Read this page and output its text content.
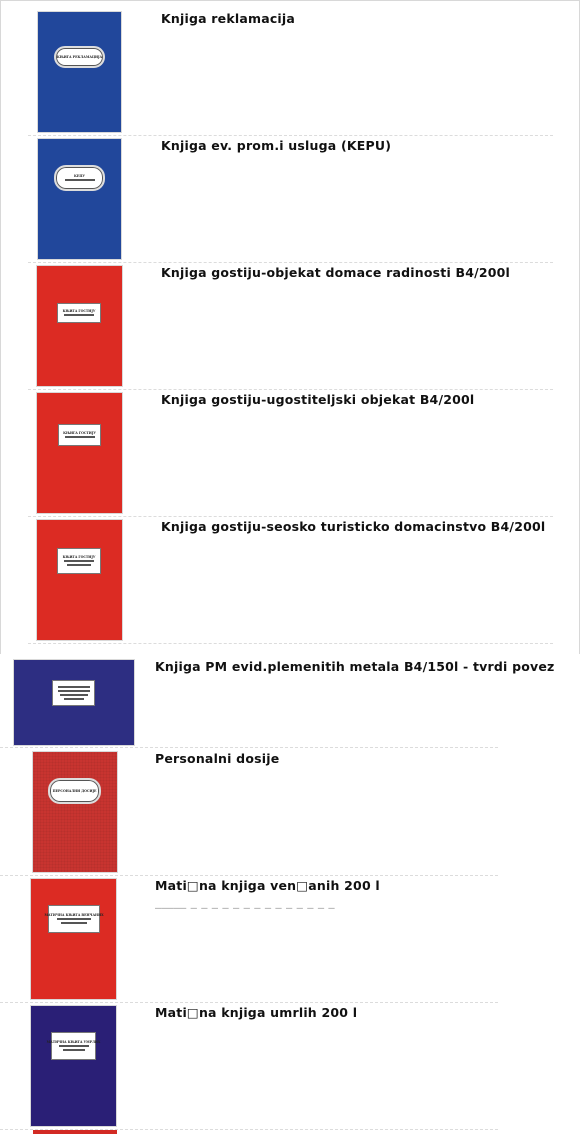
КЊИГА РЕКЛАМАЦИЈА
Knjiga reklamacija
КЕПУ
Knjiga ev. prom.i usluga (KEPU)
КЊИГА ГОСТИЈУ
Knjiga gostiju-objekat domace radinosti B4/200l
КЊИГА ГОСТИЈУ
Knjiga gostiju-ugostiteljski objekat B4/200l
КЊИГА ГОСТИЈУ
Knjiga gostiju-seosko turisticko domacinstvo B4/200l
Knjiga PM evid.plemenitih metala B4/150l - tvrdi povez
ПЕРСОНАЛНИ ДОСИЈЕ
Personalni dosije
МАТИЧНА КЊИГА ВЕНЧАНИХ
Mati□na knjiga ven□anih 200 l
_____ _ _ _ _ _ _ _ _ _ _ _ _ _ _
МАТИЧНА КЊИГА УМРЛИХ
Mati□na knjiga umrlih 200 l
